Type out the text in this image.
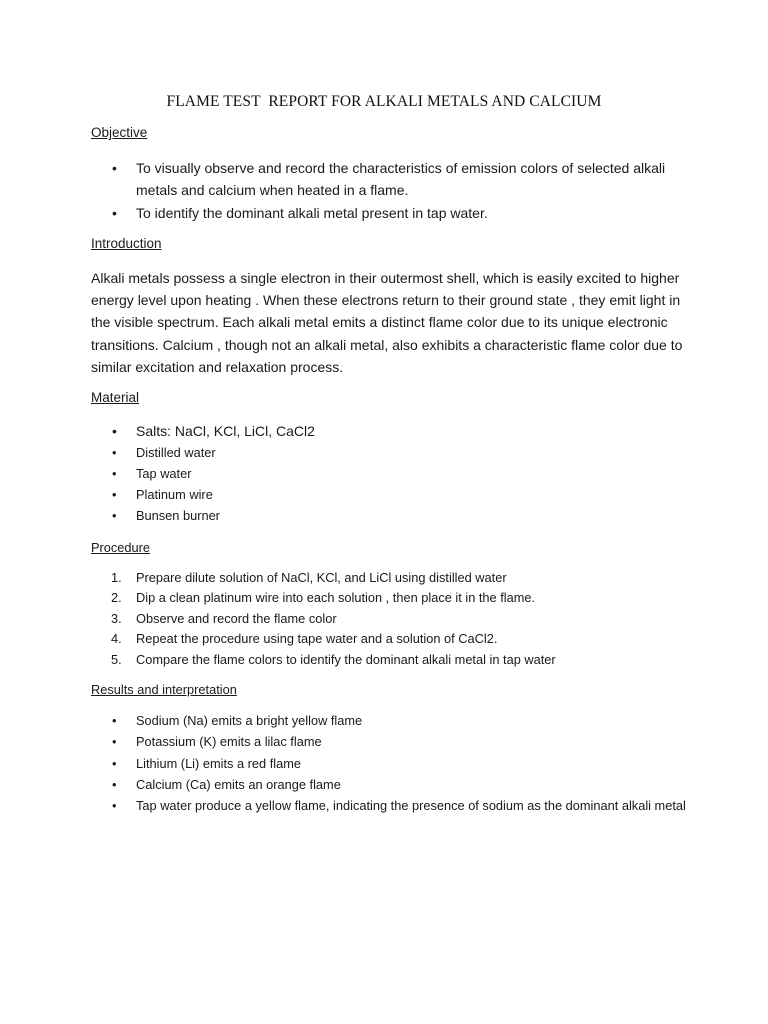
FLAME TEST  REPORT FOR ALKALI METALS AND CALCIUM
Objective
• To visually observe and record the characteristics of emission colors of selected alkali metals and calcium when heated in a flame.
• To identify the dominant alkali metal present in tap water.
Introduction

Alkali metals possess a single electron in their outermost shell, which is easily excited to higher energy level upon heating . When these electrons return to their ground state , they emit light in the visible spectrum. Each alkali metal emits a distinct flame color due to its unique electronic transitions. Calcium , though not an alkali metal, also exhibits a characteristic flame color due to similar excitation and relaxation process.

Material
• Salts: NaCl, KCl, LiCl, CaCl2
• Distilled water
• Tap water
• Platinum wire
• Bunsen burner
Procedure
1. Prepare dilute solution of NaCl, KCl, and LiCl using distilled water
2. Dip a clean platinum wire into each solution , then place it in the flame.
3. Observe and record the flame color
4. Repeat the procedure using tape water and a solution of CaCl2.
5. Compare the flame colors to identify the dominant alkali metal in tap water
Results and interpretation
• Sodium (Na) emits a bright yellow flame
• Potassium (K) emits a lilac flame
• Lithium (Li) emits a red flame
• Calcium (Ca) emits an orange flame
• Tap water produce a yellow flame, indicating the presence of sodium as the dominant alkali metal
